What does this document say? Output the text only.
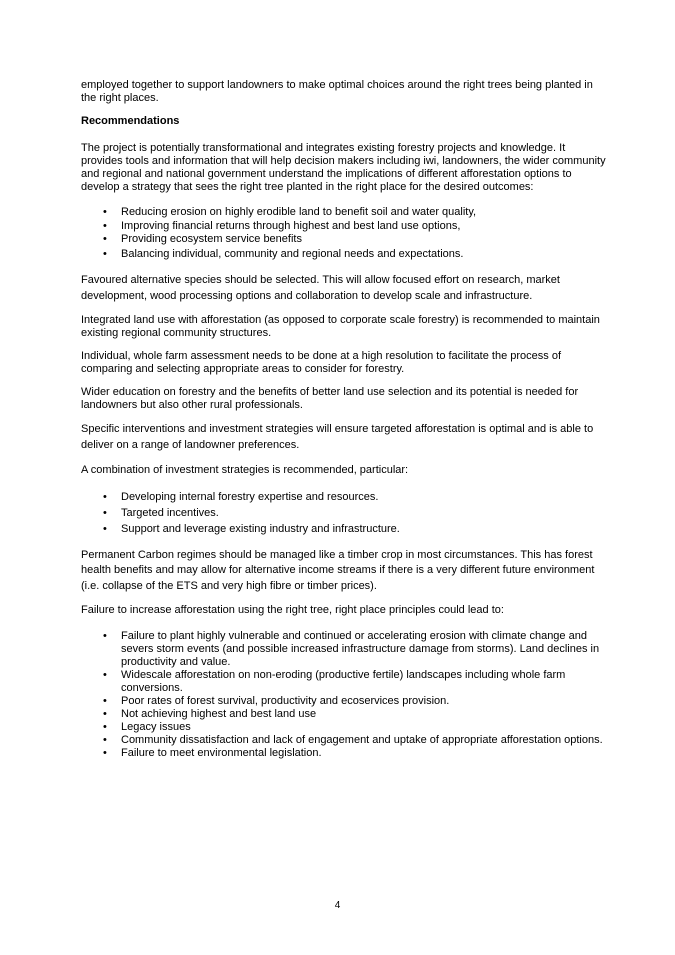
employed together to support landowners to make optimal choices around the right trees being planted in the right places.

Recommendations

The project is potentially transformational and integrates existing forestry projects and knowledge. It provides tools and information that will help decision makers including iwi, landowners, the wider community and regional and national government understand the implications of different afforestation options to develop a strategy that sees the right tree planted in the right place for the desired outcomes:

• Reducing erosion on highly erodible land to benefit soil and water quality,
• Improving financial returns through highest and best land use options,
• Providing ecosystem service benefits
• Balancing individual, community and regional needs and expectations.

Favoured alternative species should be selected. This will allow focused effort on research, market development, wood processing options and collaboration to develop scale and infrastructure.

Integrated land use with afforestation (as opposed to corporate scale forestry) is recommended to maintain existing regional community structures.

Individual, whole farm assessment needs to be done at a high resolution to facilitate the process of comparing and selecting appropriate areas to consider for forestry.

Wider education on forestry and the benefits of better land use selection and its potential is needed for landowners but also other rural professionals.

Specific interventions and investment strategies will ensure targeted afforestation is optimal and is able to deliver on a range of landowner preferences.

A combination of investment strategies is recommended, particular:

• Developing internal forestry expertise and resources.
• Targeted incentives.
• Support and leverage existing industry and infrastructure.

Permanent Carbon regimes should be managed like a timber crop in most circumstances. This has forest health benefits and may allow for alternative income streams if there is a very different future environment (i.e. collapse of the ETS and very high fibre or timber prices).

Failure to increase afforestation using the right tree, right place principles could lead to:

• Failure to plant highly vulnerable and continued or accelerating erosion with climate change and severs storm events (and possible increased infrastructure damage from storms). Land declines in productivity and value.
• Widescale afforestation on non-eroding (productive fertile) landscapes including whole farm conversions.
• Poor rates of forest survival, productivity and ecoservices provision.
• Not achieving highest and best land use
• Legacy issues
• Community dissatisfaction and lack of engagement and uptake of appropriate afforestation options.
• Failure to meet environmental legislation.
4
